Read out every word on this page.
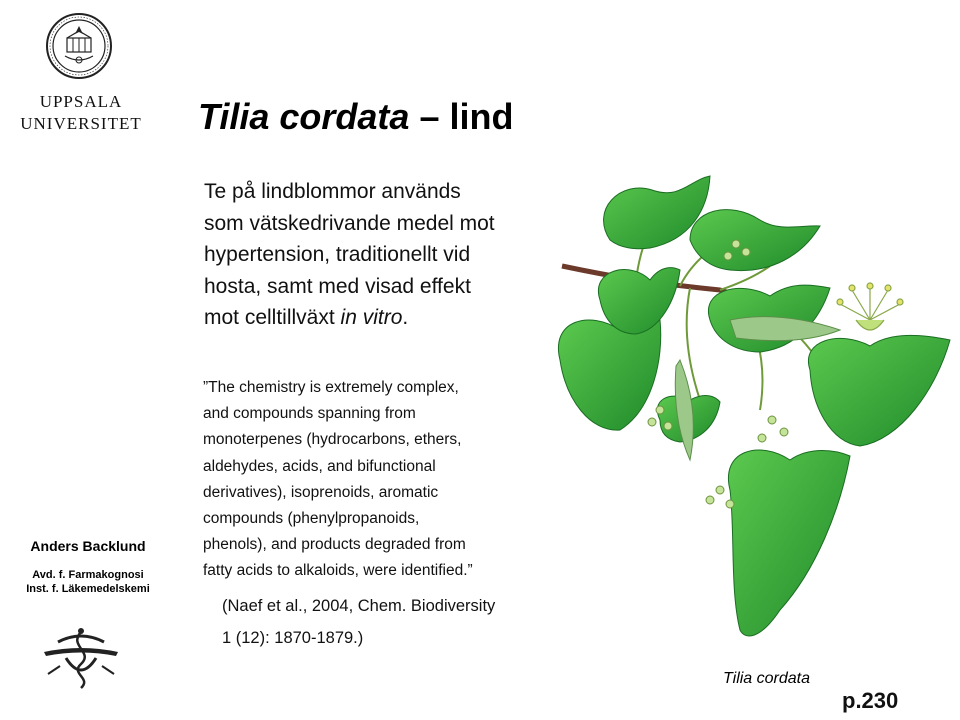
UPPSALA
UNIVERSITET
Anders Backlund
Avd. f. Farmakognosi
Inst. f. Läkemedelskemi
Tilia cordata – lind
Te på lindblommor används
som vätskedrivande medel mot
hypertension, traditionellt vid
hosta, samt med visad effekt
mot celltillväxt in vitro.
”The chemistry is extremely complex,
and compounds spanning from
monoterpenes (hydrocarbons, ethers,
aldehydes, acids, and bifunctional
derivatives), isoprenoids, aromatic
compounds (phenylpropanoids,
phenols), and products degraded from
fatty acids to alkaloids, were identified.”
(Naef et al., 2004, Chem. Biodiversity
1 (12): 1870-1879.)
Tilia cordata
p.230
